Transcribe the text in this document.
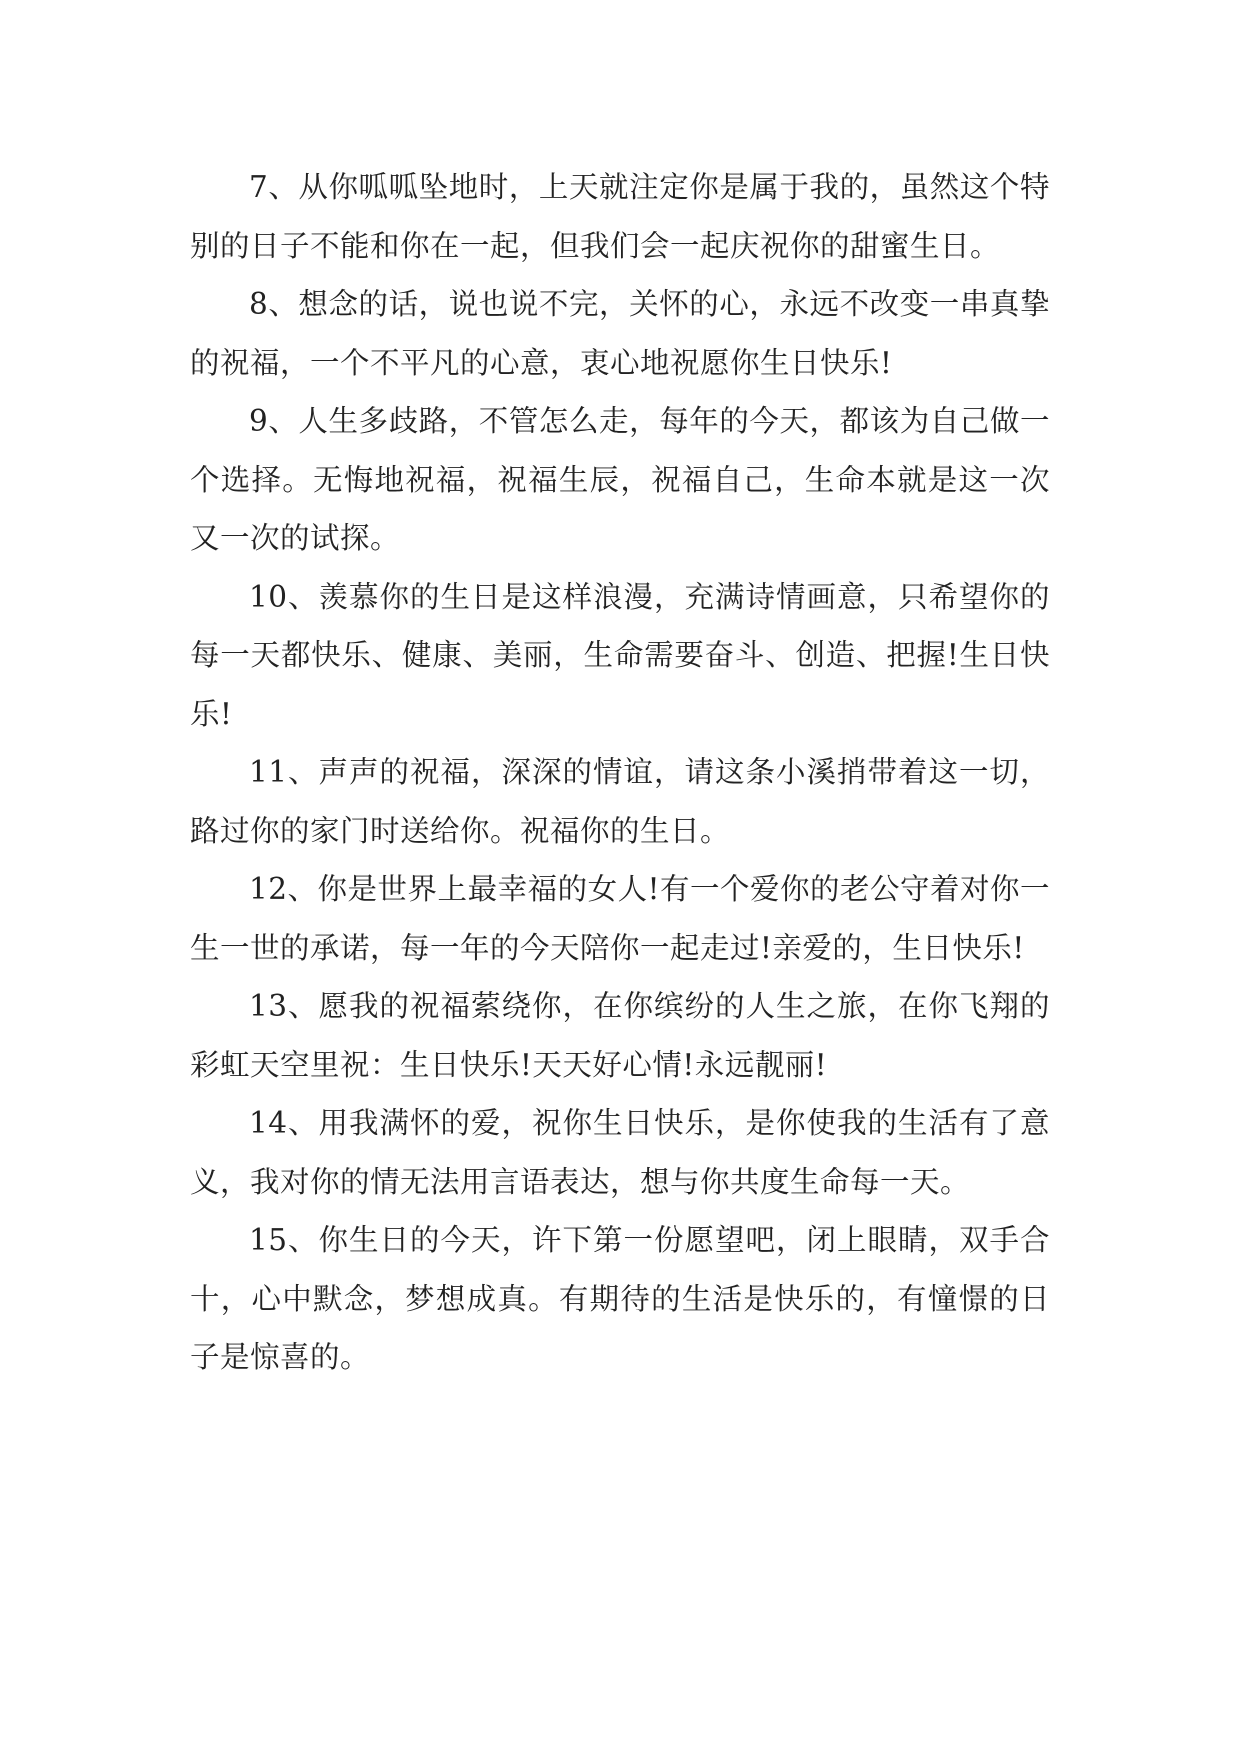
7、从你呱呱坠地时，上天就注定你是属于我的，虽然这个特别的日子不能和你在一起，但我们会一起庆祝你的甜蜜生日。

8、想念的话，说也说不完，关怀的心，永远不改变一串真挚的祝福，一个不平凡的心意，衷心地祝愿你生日快乐!

9、人生多歧路，不管怎么走，每年的今天，都该为自己做一个选择。无悔地祝福，祝福生辰，祝福自己，生命本就是这一次又一次的试探。

10、羡慕你的生日是这样浪漫，充满诗情画意，只希望你的每一天都快乐、健康、美丽，生命需要奋斗、创造、把握!生日快乐!

11、声声的祝福，深深的情谊，请这条小溪捎带着这一切，路过你的家门时送给你。祝福你的生日。

12、你是世界上最幸福的女人!有一个爱你的老公守着对你一生一世的承诺，每一年的今天陪你一起走过!亲爱的，生日快乐!

13、愿我的祝福萦绕你，在你缤纷的人生之旅，在你飞翔的彩虹天空里祝：生日快乐!天天好心情!永远靓丽!

14、用我满怀的爱，祝你生日快乐，是你使我的生活有了意义，我对你的情无法用言语表达，想与你共度生命每一天。

15、你生日的今天，许下第一份愿望吧，闭上眼睛，双手合十，心中默念，梦想成真。有期待的生活是快乐的，有憧憬的日子是惊喜的。
